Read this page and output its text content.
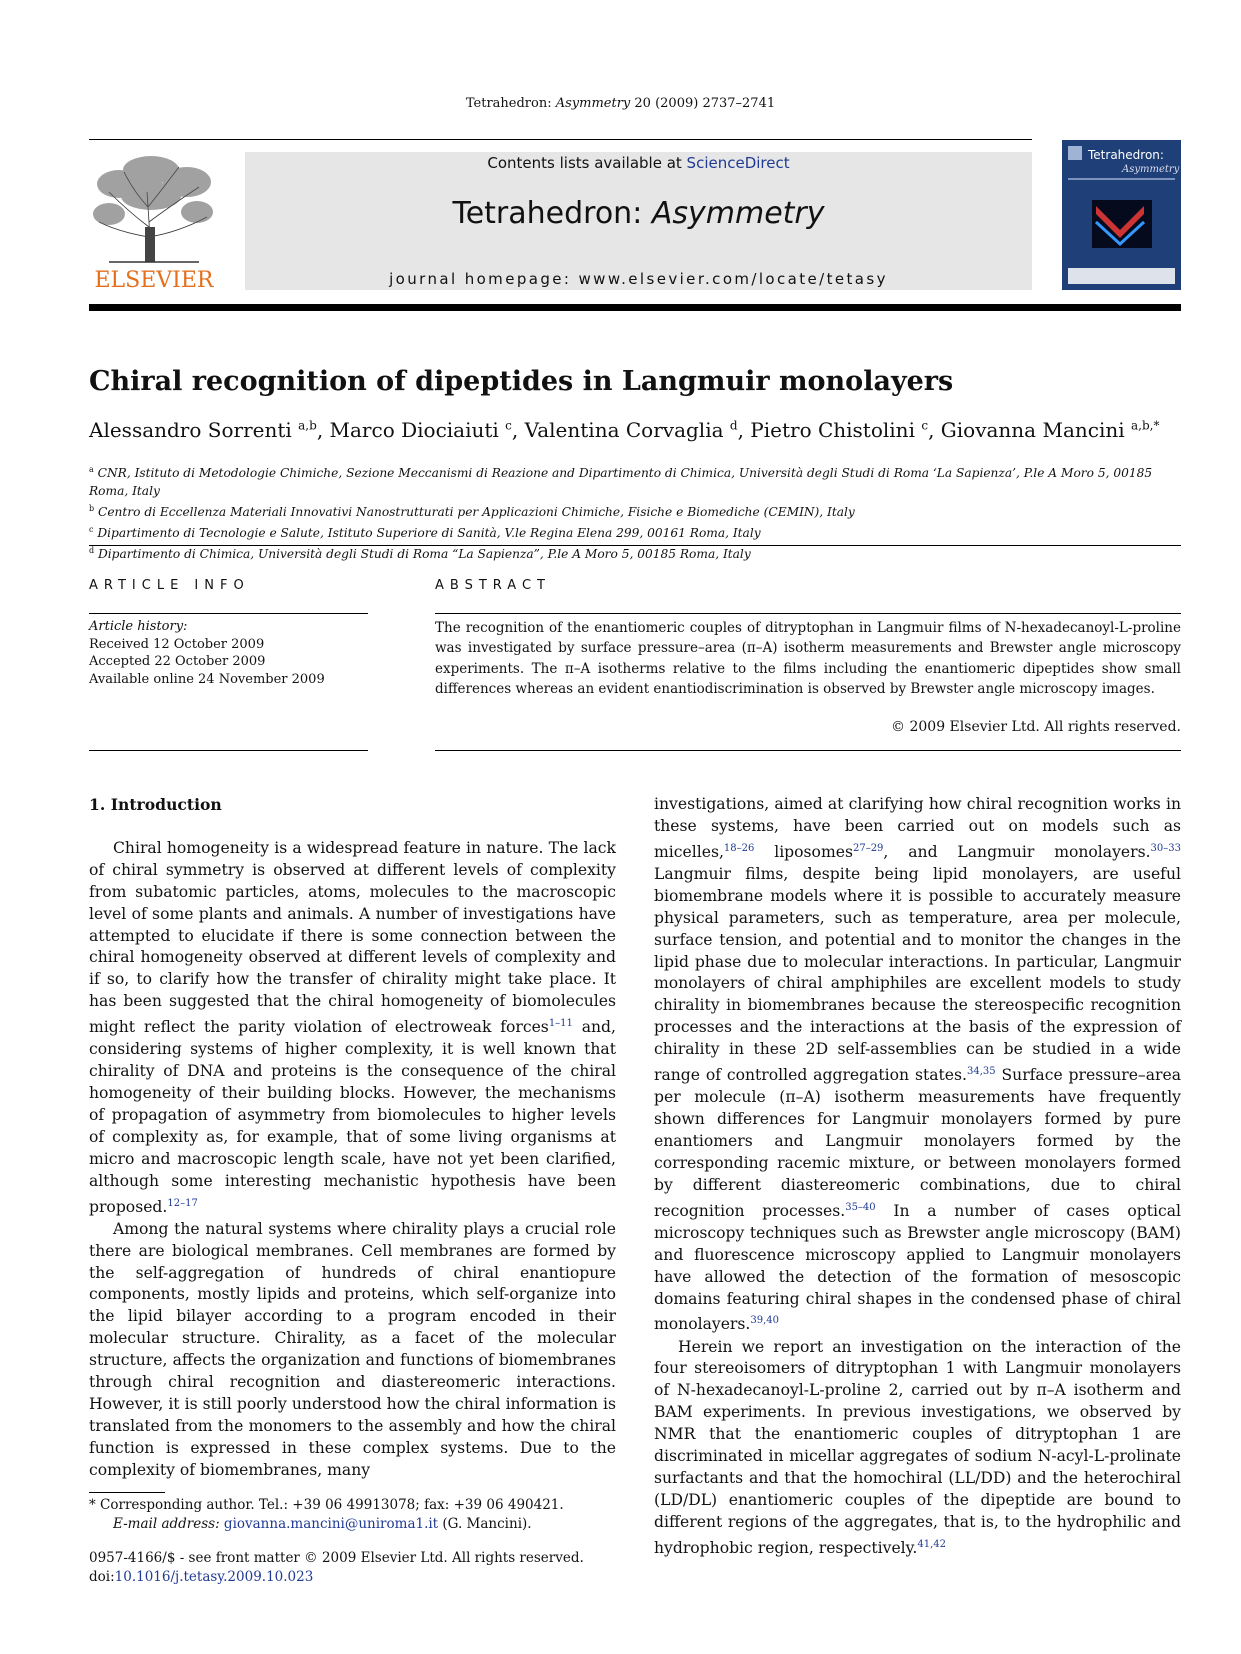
Tetrahedron: Asymmetry 20 (2009) 2737–2741
ELSEVIER
Contents lists available at ScienceDirect
Tetrahedron: Asymmetry
journal homepage: www.elsevier.com/locate/tetasy
Tetrahedron:
Asymmetry
Chiral recognition of dipeptides in Langmuir monolayers
Alessandro Sorrenti $^{a,b}$, Marco Diociaiuti $^c$, Valentina Corvaglia $^d$, Pietro Chistolini $^c$, Giovanna Mancini $^{a,b,*}$
$^a$ CNR, Istituto di Metodologie Chimiche, Sezione Meccanismi di Reazione and Dipartimento di Chimica, Università degli Studi di Roma ‘La Sapienza’, P.le A Moro 5, 00185 Roma, Italy
$^b$ Centro di Eccellenza Materiali Innovativi Nanostrutturati per Applicazioni Chimiche, Fisiche e Biomediche (CEMIN), Italy
$^c$ Dipartimento di Tecnologie e Salute, Istituto Superiore di Sanità, V.le Regina Elena 299, 00161 Roma, Italy
$^d$ Dipartimento di Chimica, Università degli Studi di Roma “La Sapienza”, P.le A Moro 5, 00185 Roma, Italy
ARTICLE INFO	ABSTRACT
Article history:
Received 12 October 2009
Accepted 22 October 2009
Available online 24 November 2009
The recognition of the enantiomeric couples of ditryptophan in Langmuir films of N-hexadecanoyl-L-proline was investigated by surface pressure–area (π–A) isotherm measurements and Brewster angle microscopy experiments. The π–A isotherms relative to the films including the enantiomeric dipeptides show small differences whereas an evident enantiodiscrimination is observed by Brewster angle microscopy images.
© 2009 Elsevier Ltd. All rights reserved.
1. Introduction

Chiral homogeneity is a widespread feature in nature. The lack of chiral symmetry is observed at different levels of complexity from subatomic particles, atoms, molecules to the macroscopic level of some plants and animals. A number of investigations have attempted to elucidate if there is some connection between the chiral homogeneity observed at different levels of complexity and if so, to clarify how the transfer of chirality might take place. It has been suggested that the chiral homogeneity of biomolecules might reflect the parity violation of electroweak forces$^{1-11}$ and, considering systems of higher complexity, it is well known that chirality of DNA and proteins is the consequence of the chiral homogeneity of their building blocks. However, the mechanisms of propagation of asymmetry from biomolecules to higher levels of complexity as, for example, that of some living organisms at micro and macroscopic length scale, have not yet been clarified, although some interesting mechanistic hypothesis have been proposed.$^{12-17}$

Among the natural systems where chirality plays a crucial role there are biological membranes. Cell membranes are formed by the self-aggregation of hundreds of chiral enantiopure components, mostly lipids and proteins, which self-organize into the lipid bilayer according to a program encoded in their molecular structure. Chirality, as a facet of the molecular structure, affects the organization and functions of biomembranes through chiral recognition and diastereomeric interactions. However, it is still poorly understood how the chiral information is translated from the monomers to the assembly and how the chiral function is expressed in these complex systems. Due to the complexity of biomembranes, many

investigations, aimed at clarifying how chiral recognition works in these systems, have been carried out on models such as micelles,$^{18-26}$ liposomes$^{27-29}$, and Langmuir monolayers.$^{30-33}$ Langmuir films, despite being lipid monolayers, are useful biomembrane models where it is possible to accurately measure physical parameters, such as temperature, area per molecule, surface tension, and potential and to monitor the changes in the lipid phase due to molecular interactions. In particular, Langmuir monolayers of chiral amphiphiles are excellent models to study chirality in biomembranes because the stereospecific recognition processes and the interactions at the basis of the expression of chirality in these 2D self-assemblies can be studied in a wide range of controlled aggregation states.$^{34,35}$ Surface pressure–area per molecule (π–A) isotherm measurements have frequently shown differences for Langmuir monolayers formed by pure enantiomers and Langmuir monolayers formed by the corresponding racemic mixture, or between monolayers formed by different diastereomeric combinations, due to chiral recognition processes.$^{35-40}$ In a number of cases optical microscopy techniques such as Brewster angle microscopy (BAM) and fluorescence microscopy applied to Langmuir monolayers have allowed the detection of the formation of mesoscopic domains featuring chiral shapes in the condensed phase of chiral monolayers.$^{39,40}$

Herein we report an investigation on the interaction of the four stereoisomers of ditryptophan 1 with Langmuir monolayers of N-hexadecanoyl-L-proline 2, carried out by π–A isotherm and BAM experiments. In previous investigations, we observed by NMR that the enantiomeric couples of ditryptophan 1 are discriminated in micellar aggregates of sodium N-acyl-L-prolinate surfactants and that the homochiral (LL/DD) and the heterochiral (LD/DL) enantiomeric couples of the dipeptide are bound to different regions of the aggregates, that is, to the hydrophilic and hydrophobic region, respectively.$^{41,42}$

* Corresponding author. Tel.: +39 06 49913078; fax: +39 06 490421.
E-mail address: giovanna.mancini@uniroma1.it (G. Mancini).
0957-4166/$ - see front matter © 2009 Elsevier Ltd. All rights reserved.
doi:10.1016/j.tetasy.2009.10.023
